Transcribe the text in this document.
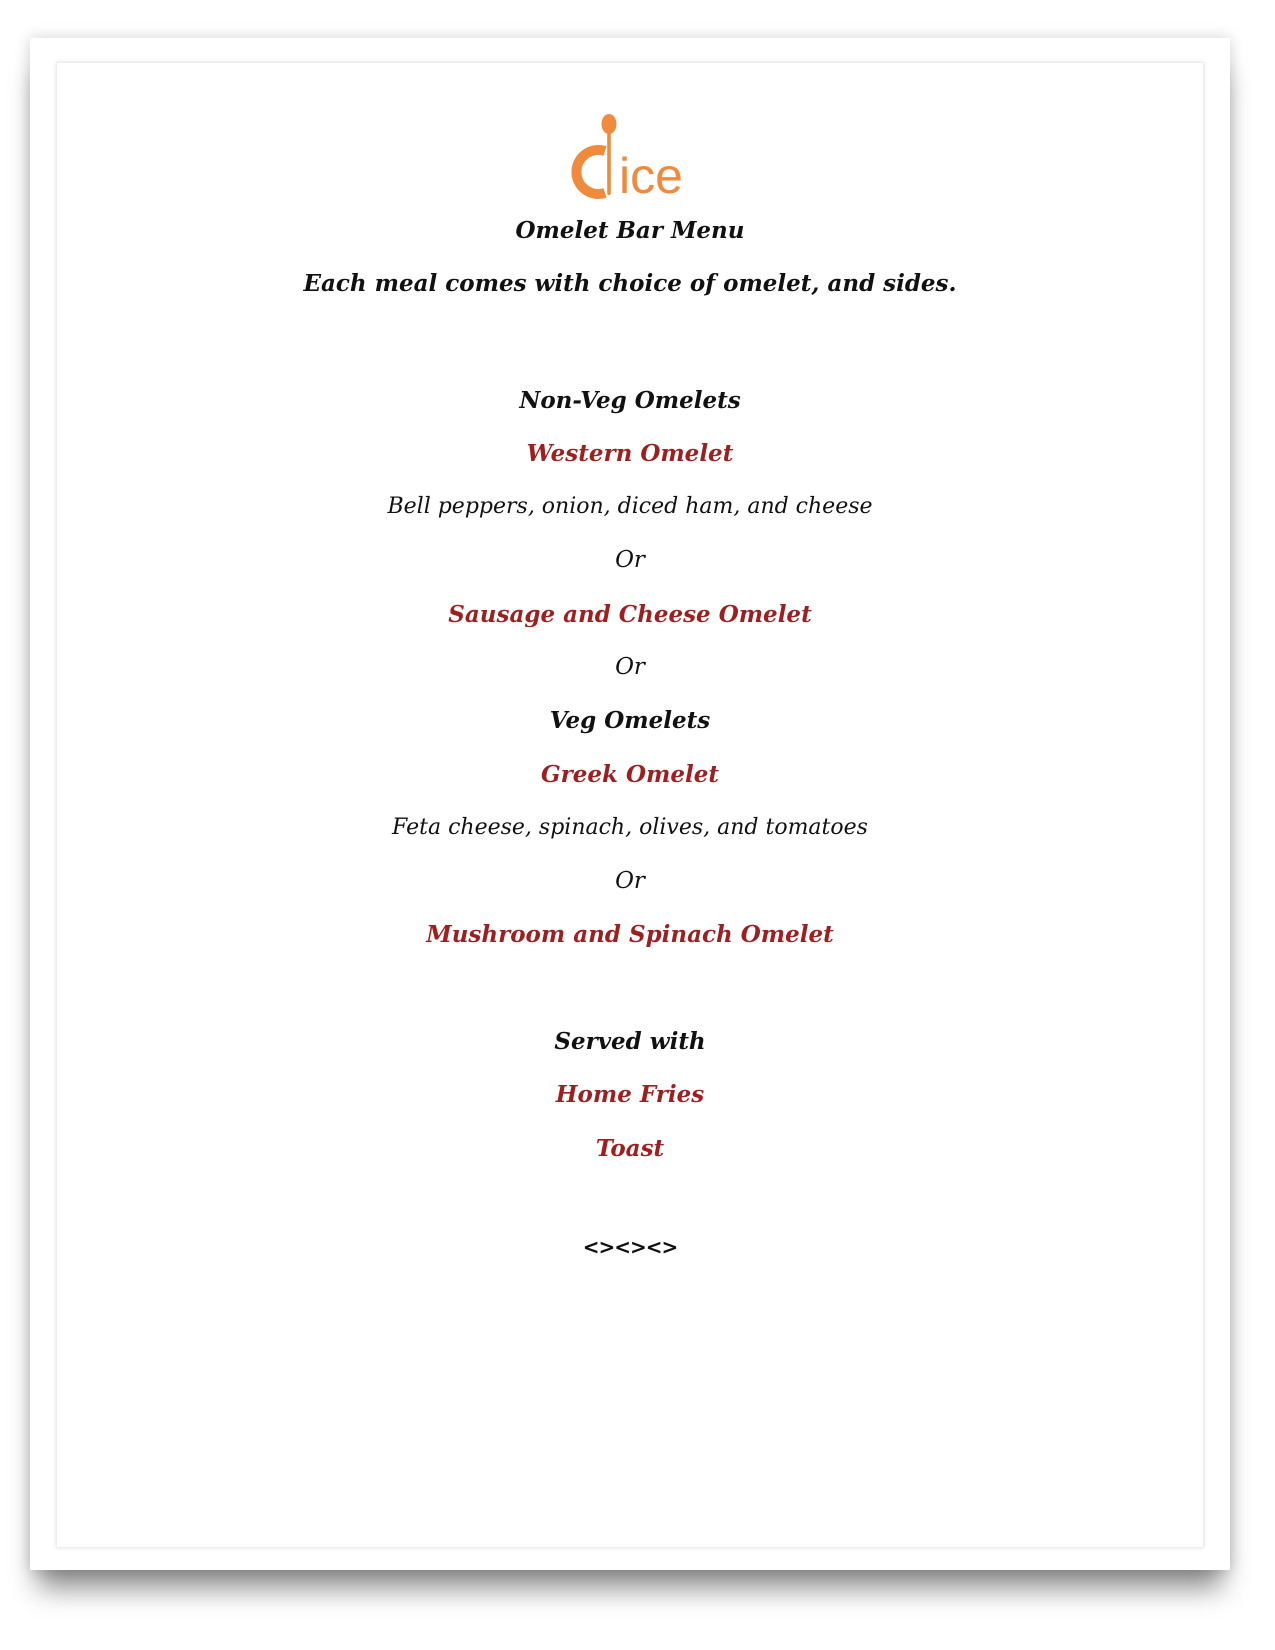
ice
Omelet Bar Menu
Each meal comes with choice of omelet, and sides.
Non-Veg Omelets
Western Omelet
Bell peppers, onion, diced ham, and cheese
Or
Sausage and Cheese Omelet
Or
Veg Omelets
Greek Omelet
Feta cheese, spinach, olives, and tomatoes
Or
Mushroom and Spinach Omelet
Served with
Home Fries
Toast
<><><>
